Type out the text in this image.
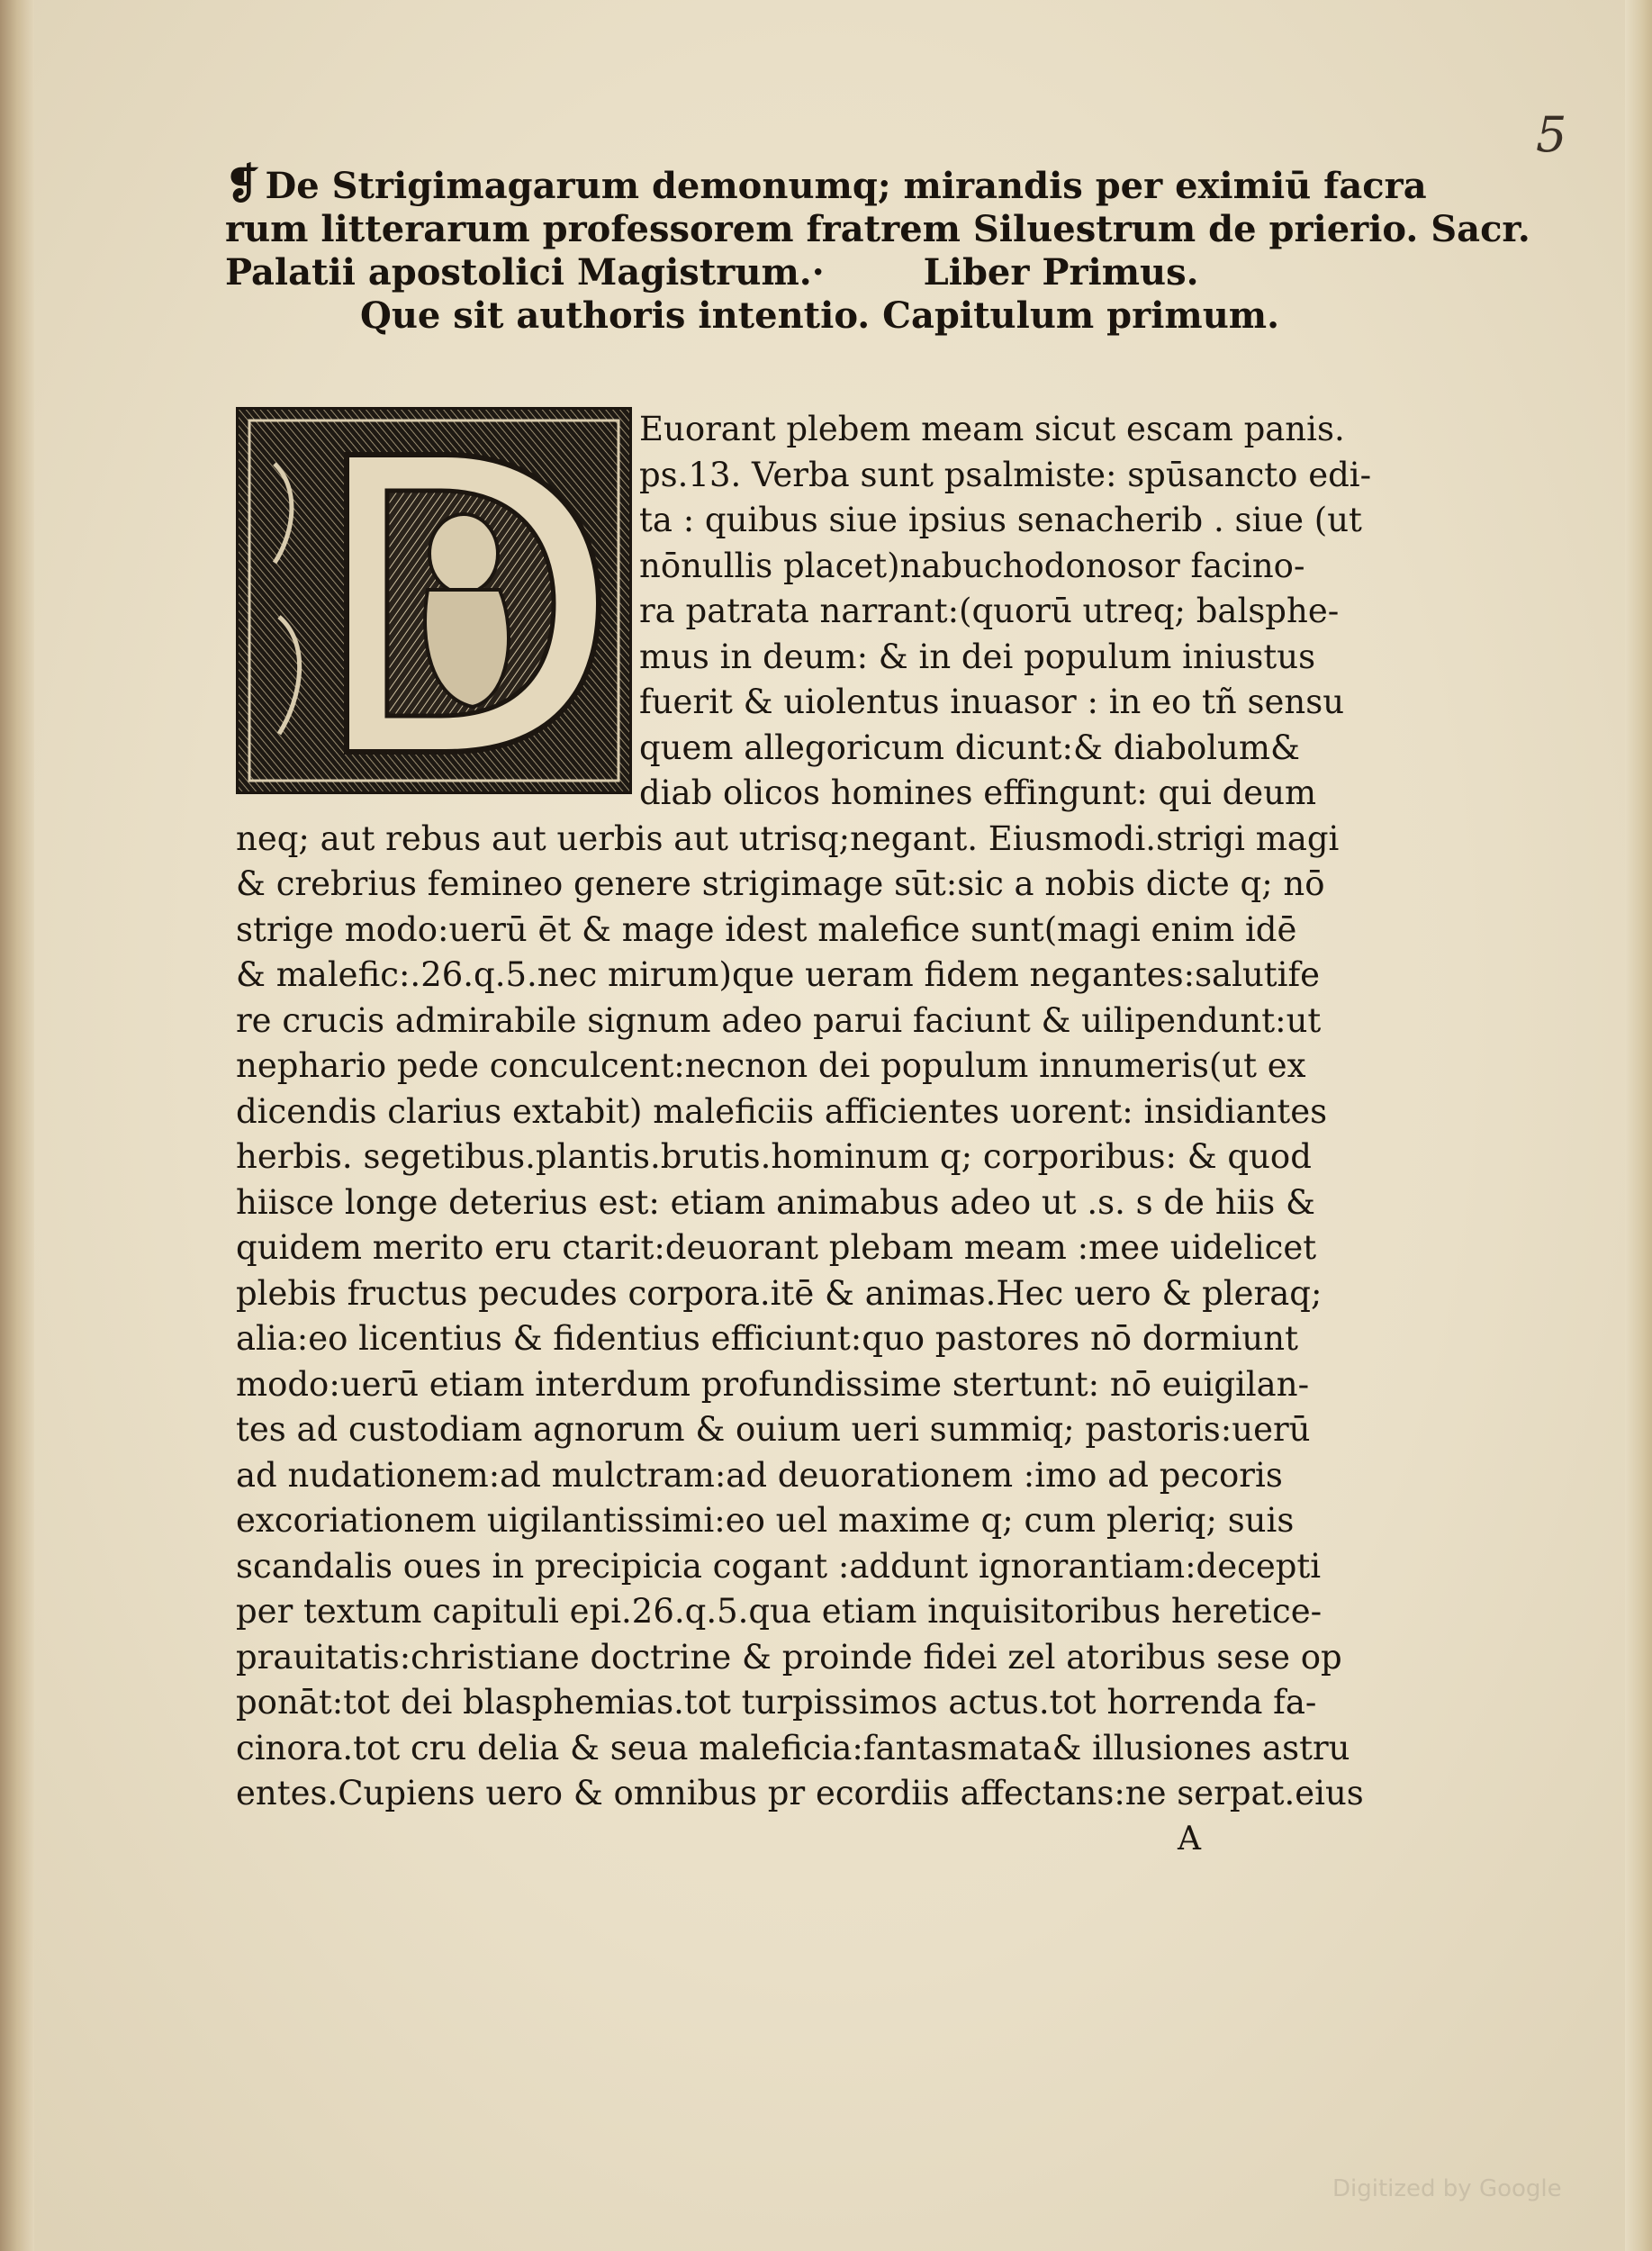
5
❡ De Strigimagarum demonumq; mirandis per eximiū facra
rum litterarum professorem fratrem Siluestrum de prierio. Sacr.
Palatii apostolici Magistrum.·	Liber Primus.
Que sit authoris intentio. Capitulum primum.
Euorant plebem meam sicut escam panis.
ps.13. Verba sunt psalmiste: spūsancto edi-
ta : quibus siue ipsius senacherib . siue (ut
nōnullis placet)nabuchodonosor facino-
ra patrata narrant:(quorū utreq; balsphe-
mus in deum: & in dei populum iniustus
fuerit & uiolentus inuasor : in eo tñ sensu
quem allegoricum dicunt:& diabolum&
diab olicos homines effingunt: qui deum
neq; aut rebus aut uerbis aut utrisq;negant. Eiusmodi.strigi magi
& crebrius femineo genere strigimage sūt:sic a nobis dicte q; nō
strige modo:uerū ēt & mage idest malefice sunt(magi enim idē
& malefic:.26.q.5.nec mirum)que ueram fidem negantes:salutife
re crucis admirabile signum adeo parui faciunt & uilipendunt:ut
nephario pede conculcent:necnon dei populum innumeris(ut ex
dicendis clarius extabit) maleficiis afficientes uorent: insidiantes
herbis. segetibus.plantis.brutis.hominum q; corporibus: & quod
hiisce longe deterius est: etiam animabus adeo ut .s. s de hiis &
quidem merito eru ctarit:deuorant plebam meam :mee uidelicet
plebis fructus pecudes corpora.itē & animas.Hec uero & pleraq;
alia:eo licentius & fidentius efficiunt:quo pastores nō dormiunt
modo:uerū etiam interdum profundissime stertunt: nō euigilan-
tes ad custodiam agnorum & ouium ueri summiq; pastoris:uerū
ad nudationem:ad mulctram:ad deuorationem :imo ad pecoris
excoriationem uigilantissimi:eo uel maxime q; cum pleriq; suis
scandalis oues in precipicia cogant :addunt ignorantiam:decepti
per textum capituli epi.26.q.5.qua etiam inquisitoribus heretice-
prauitatis:christiane doctrine & proinde fidei zel atoribus sese op
ponāt:tot dei blasphemias.tot turpissimos actus.tot horrenda fa-
cinora.tot cru delia & seua maleficia:fantasmata& illusiones astru
entes.Cupiens uero & omnibus pr ecordiis affectans:ne serpat.eius
A
Digitized by Google
